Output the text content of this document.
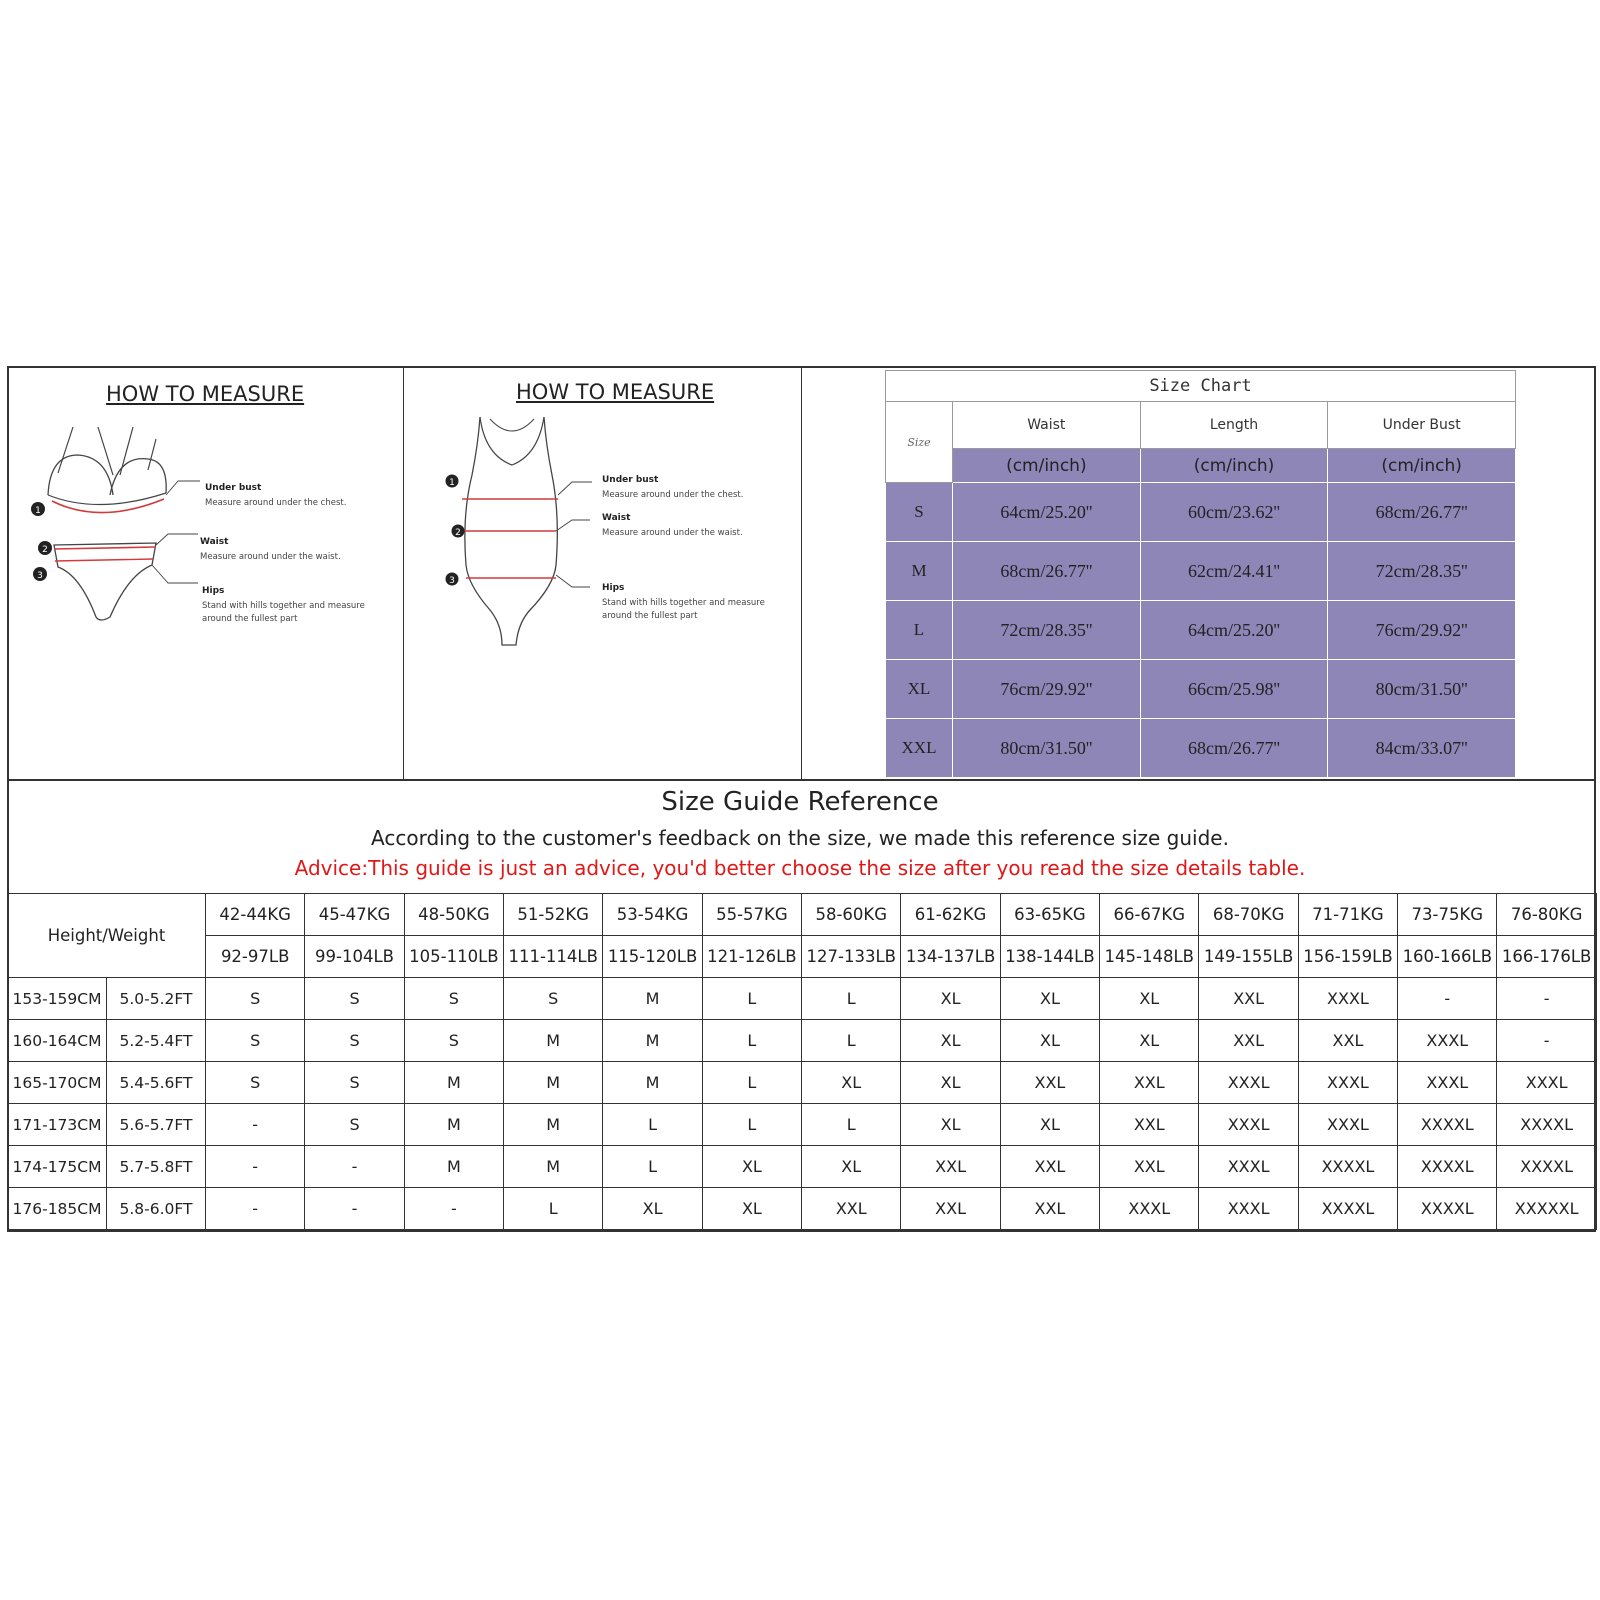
HOW TO MEASURE
1
2
3
Under bust
Measure around under the chest.
Waist
Measure around under the waist.
Hips
Stand with hills together and measure around the fullest part
HOW TO MEASURE
1
2
3
Under bust
Measure around under the chest.
Waist
Measure around under the waist.
Hips
Stand with hills together and measure around the fullest part
Size Chart			
Size	Waist	Length	Under Bust
	(cm/inch)	(cm/inch)	(cm/inch)
S	64cm/25.20''	60cm/23.62''	68cm/26.77''
M	68cm/26.77''	62cm/24.41''	72cm/28.35''
L	72cm/28.35''	64cm/25.20''	76cm/29.92''
XL	76cm/29.92''	66cm/25.98''	80cm/31.50''
XXL	80cm/31.50''	68cm/26.77''	84cm/33.07''
Size Guide Reference
According to the customer's feedback on the size, we made this reference size guide.
Advice:This guide is just an advice, you'd better choose the size after you read the size details table.
Height/Weight		42-44KG	45-47KG	48-50KG	51-52KG	53-54KG	55-57KG	58-60KG	61-62KG	63-65KG	66-67KG	68-70KG	71-71KG	73-75KG	76-80KG
		92-97LB	99-104LB	105-110LB	111-114LB	115-120LB	121-126LB	127-133LB	134-137LB	138-144LB	145-148LB	149-155LB	156-159LB	160-166LB	166-176LB
153-159CM	5.0-5.2FT	S	S	S	S	M	L	L	XL	XL	XL	XXL	XXXL	-	-
160-164CM	5.2-5.4FT	S	S	S	M	M	L	L	XL	XL	XL	XXL	XXL	XXXL	-
165-170CM	5.4-5.6FT	S	S	M	M	M	L	XL	XL	XXL	XXL	XXXL	XXXL	XXXL	XXXL
171-173CM	5.6-5.7FT	-	S	M	M	L	L	L	XL	XL	XXL	XXXL	XXXL	XXXXL	XXXXL
174-175CM	5.7-5.8FT	-	-	M	M	L	XL	XL	XXL	XXL	XXL	XXXL	XXXXL	XXXXL	XXXXL
176-185CM	5.8-6.0FT	-	-	-	L	XL	XL	XXL	XXL	XXL	XXXL	XXXL	XXXXL	XXXXL	XXXXXL
